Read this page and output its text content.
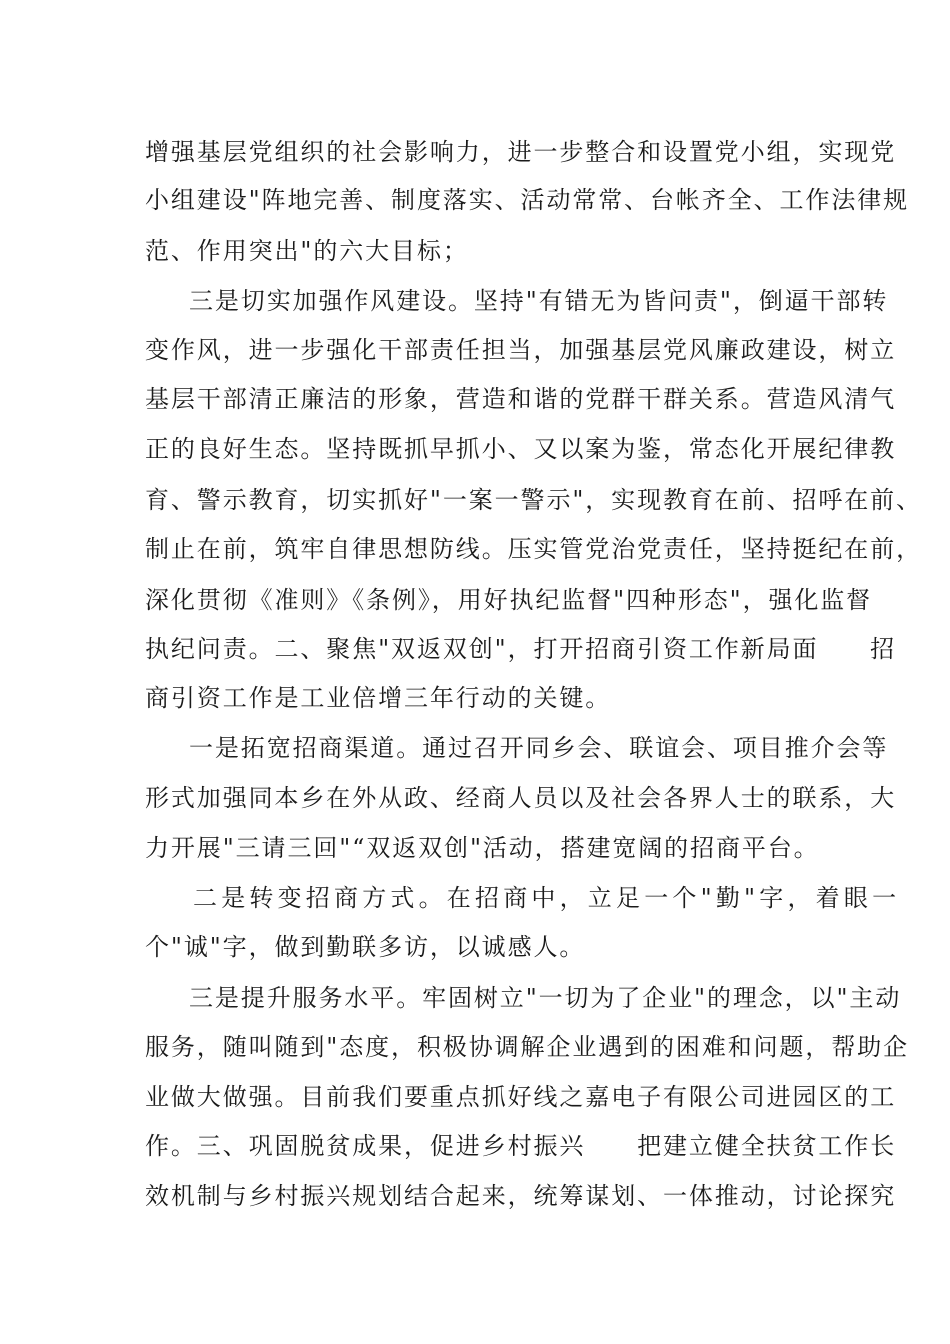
增强基层党组织的社会影响力，进一步整合和设置党小组，实现党
小组建设"阵地完善、制度落实、活动常常、台帐齐全、工作法律规
范、作用突出"的六大目标；
三是切实加强作风建设。坚持"有错无为皆问责"，倒逼干部转
变作风，进一步强化干部责任担当，加强基层党风廉政建设，树立
基层干部清正廉洁的形象，营造和谐的党群干群关系。营造风清气
正的良好生态。坚持既抓早抓小、又以案为鉴，常态化开展纪律教
育、警示教育，切实抓好"一案一警示"，实现教育在前、招呼在前、
制止在前，筑牢自律思想防线。压实管党治党责任，坚持挺纪在前，
深化贯彻《准则》《条例》，用好执纪监督"四种形态"，强化监督
执纪问责。二、聚焦"双返双创"，打开招商引资工作新局面　　招
商引资工作是工业倍增三年行动的关键。
一是拓宽招商渠道。通过召开同乡会、联谊会、项目推介会等
形式加强同本乡在外从政、经商人员以及社会各界人士的联系，大
力开展"三请三回"“双返双创"活动，搭建宽阔的招商平台。
二是转变招商方式。在招商中，立足一个"勤"字，着眼一
个"诚"字，做到勤联多访，以诚感人。
三是提升服务水平。牢固树立"一切为了企业"的理念，以"主动
服务，随叫随到"态度，积极协调解企业遇到的困难和问题，帮助企
业做大做强。目前我们要重点抓好线之嘉电子有限公司进园区的工
作。三、巩固脱贫成果，促进乡村振兴　　把建立健全扶贫工作长
效机制与乡村振兴规划结合起来，统筹谋划、一体推动，讨论探究
